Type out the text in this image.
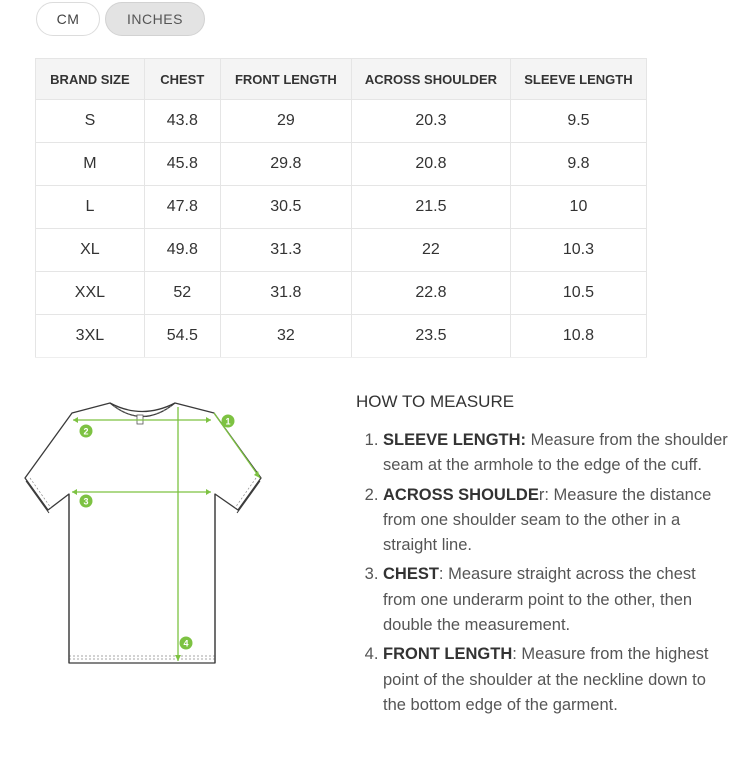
CM	INCHES
BRAND SIZE	CHEST	FRONT LENGTH	ACROSS SHOULDER	SLEEVE LENGTH
S	43.8	29	20.3	9.5
M	45.8	29.8	20.8	9.8
L	47.8	30.5	21.5	10
XL	49.8	31.3	22	10.3
XXL	52	31.8	22.8	10.5
3XL	54.5	32	23.5	10.8
1
2
3
4
HOW TO MEASURE
1. SLEEVE LENGTH: Measure from the shoulder seam at the armhole to the edge of the cuff.
2. ACROSS SHOULDEr: Measure the distance from one shoulder seam to the other in a straight line.
3. CHEST: Measure straight across the chest from one underarm point to the other, then double the measurement.
4. FRONT LENGTH: Measure from the highest point of the shoulder at the neckline down to the bottom edge of the garment.
